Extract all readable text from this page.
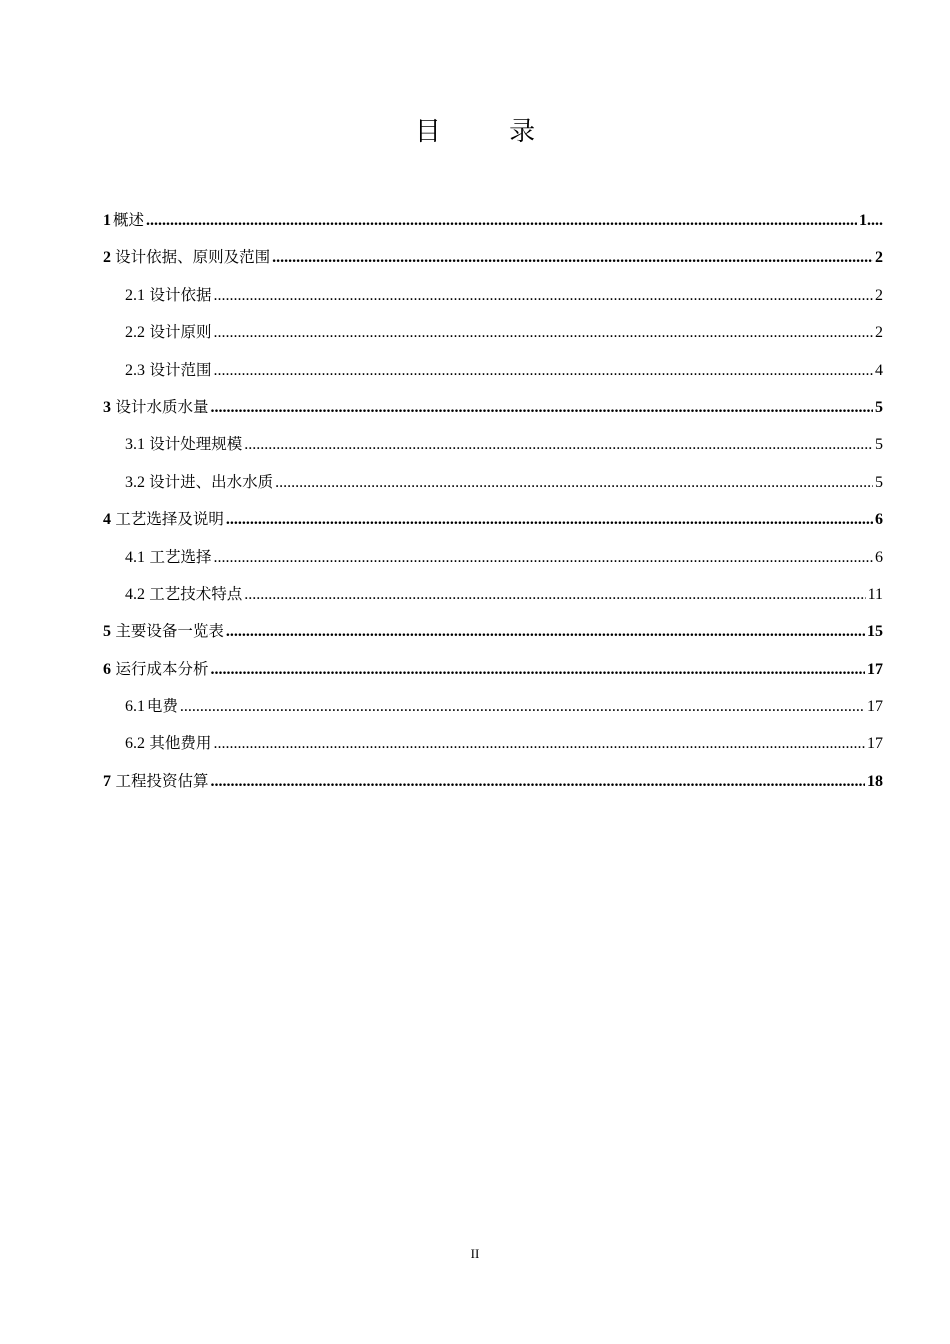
目 录
1 概述 .....	1....
2 设计依据、原则及范围 .....	2
2.1 设计依据 .....	2
2.2 设计原则 .....	2
2.3 设计范围 .....	4
3 设计水质水量 .....	5
3.1 设计处理规模 .....	5
3.2 设计进、出水水质 .....	5
4 工艺选择及说明 .....	6
4.1 工艺选择 .....	6
4.2 工艺技术特点 .....	11
5 主要设备一览表 .....	15
6 运行成本分析 .....	17
6.1 电费 .....	17
6.2 其他费用 .....	17
7 工程投资估算 .....	18
II
